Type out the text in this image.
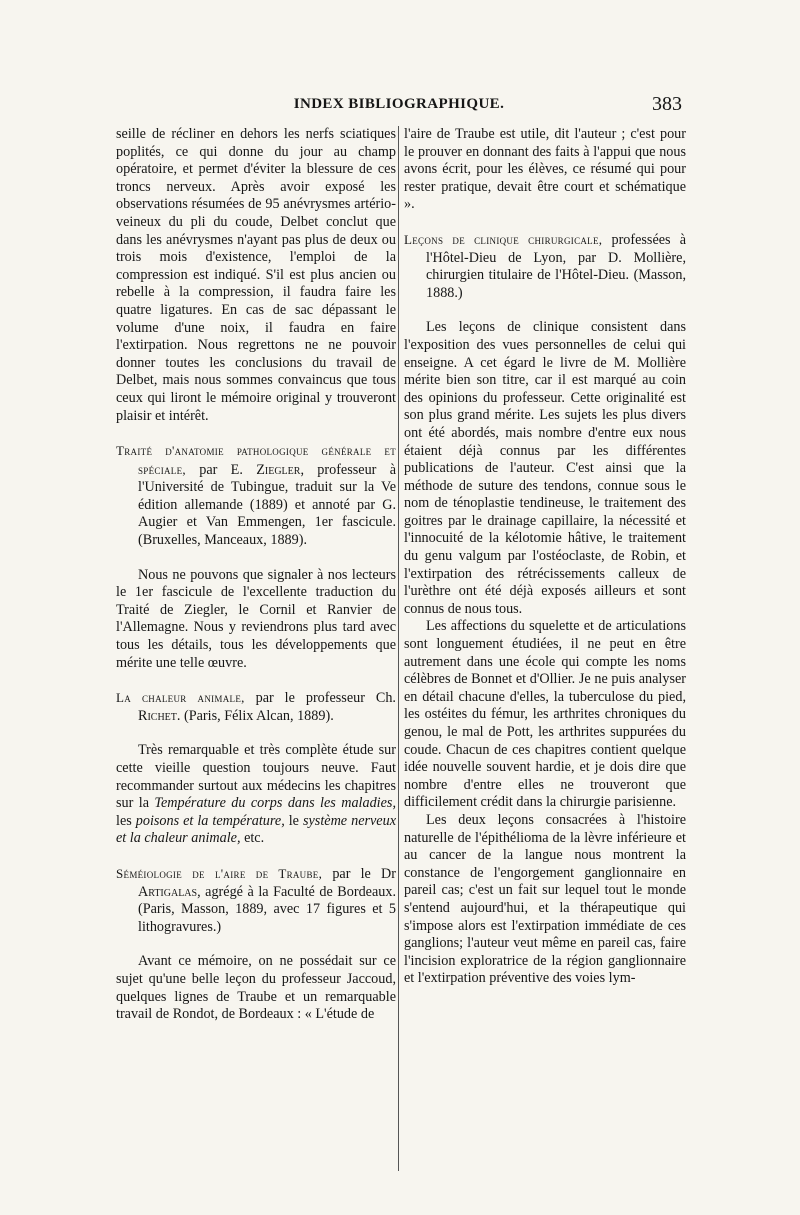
INDEX BIBLIOGRAPHIQUE.	383

seille de récliner en dehors les nerfs sciatiques poplités, ce qui donne du jour au champ opératoire, et permet d'éviter la blessure de ces troncs nerveux. Après avoir exposé les observations résumées de 95 anévrysmes artério-veineux du pli du coude, Delbet conclut que dans les anévrysmes n'ayant pas plus de deux ou trois mois d'existence, l'emploi de la compression est indiqué. S'il est plus ancien ou rebelle à la compression, il faudra faire les quatre ligatures. En cas de sac dépassant le volume d'une noix, il faudra en faire l'extirpation. Nous regrettons ne ne pouvoir donner toutes les conclusions du travail de Delbet, mais nous sommes convaincus que tous ceux qui liront le mémoire original y trouveront plaisir et intérêt.

Traité d'anatomie pathologique générale et spéciale, par E. Ziegler, professeur à l'Université de Tubingue, traduit sur la Ve édition allemande (1889) et annoté par G. Augier et Van Emmengen, 1er fascicule. (Bruxelles, Manceaux, 1889).

Nous ne pouvons que signaler à nos lecteurs le 1er fascicule de l'excellente traduction du Traité de Ziegler, le Cornil et Ranvier de l'Allemagne. Nous y reviendrons plus tard avec tous les détails, tous les développements que mérite une telle œuvre.

La chaleur animale, par le professeur Ch. Richet. (Paris, Félix Alcan, 1889).

Très remarquable et très complète étude sur cette vieille question toujours neuve. Faut recommander surtout aux médecins les chapitres sur la Température du corps dans les maladies, les poisons et la température, le système nerveux et la chaleur animale, etc.

Séméiologie de l'aire de Traube, par le Dr Artigalas, agrégé à la Faculté de Bordeaux. (Paris, Masson, 1889, avec 17 figures et 5 lithogravures.)

Avant ce mémoire, on ne possédait sur ce sujet qu'une belle leçon du professeur Jaccoud, quelques lignes de Traube et un remarquable travail de Rondot, de Bordeaux : « L'étude de

l'aire de Traube est utile, dit l'auteur ; c'est pour le prouver en donnant des faits à l'appui que nous avons écrit, pour les élèves, ce résumé qui pour rester pratique, devait être court et schématique ».

Leçons de clinique chirurgicale, professées à l'Hôtel-Dieu de Lyon, par D. Mollière, chirurgien titulaire de l'Hôtel-Dieu. (Masson, 1888.)

Les leçons de clinique consistent dans l'exposition des vues personnelles de celui qui enseigne. A cet égard le livre de M. Mollière mérite bien son titre, car il est marqué au coin des opinions du professeur. Cette originalité est son plus grand mérite. Les sujets les plus divers ont été abordés, mais nombre d'entre eux nous étaient déjà connus par les différentes publications de l'auteur. C'est ainsi que la méthode de suture des tendons, connue sous le nom de ténoplastie tendineuse, le traitement des goitres par le drainage capillaire, la nécessité et l'innocuité de la kélotomie hâtive, le traitement du genu valgum par l'ostéoclaste, de Robin, et l'extirpation des rétrécissements calleux de l'urèthre ont été déjà exposés ailleurs et sont connus de nous tous.

Les affections du squelette et de articulations sont longuement étudiées, il ne peut en être autrement dans une école qui compte les noms célèbres de Bonnet et d'Ollier. Je ne puis analyser en détail chacune d'elles, la tuberculose du pied, les ostéites du fémur, les arthrites chroniques du genou, le mal de Pott, les arthrites suppurées du coude. Chacun de ces chapitres contient quelque idée nouvelle souvent hardie, et je dois dire que nombre d'entre elles ne trouveront que difficilement crédit dans la chirurgie parisienne.

Les deux leçons consacrées à l'histoire naturelle de l'épithélioma de la lèvre inférieure et au cancer de la langue nous montrent la constance de l'engorgement ganglionnaire en pareil cas; c'est un fait sur lequel tout le monde s'entend aujourd'hui, et la thérapeutique qui s'impose alors est l'extirpation immédiate de ces ganglions; l'auteur veut même en pareil cas, faire l'incision exploratrice de la région ganglionnaire et l'extirpation préventive des voies lym-
